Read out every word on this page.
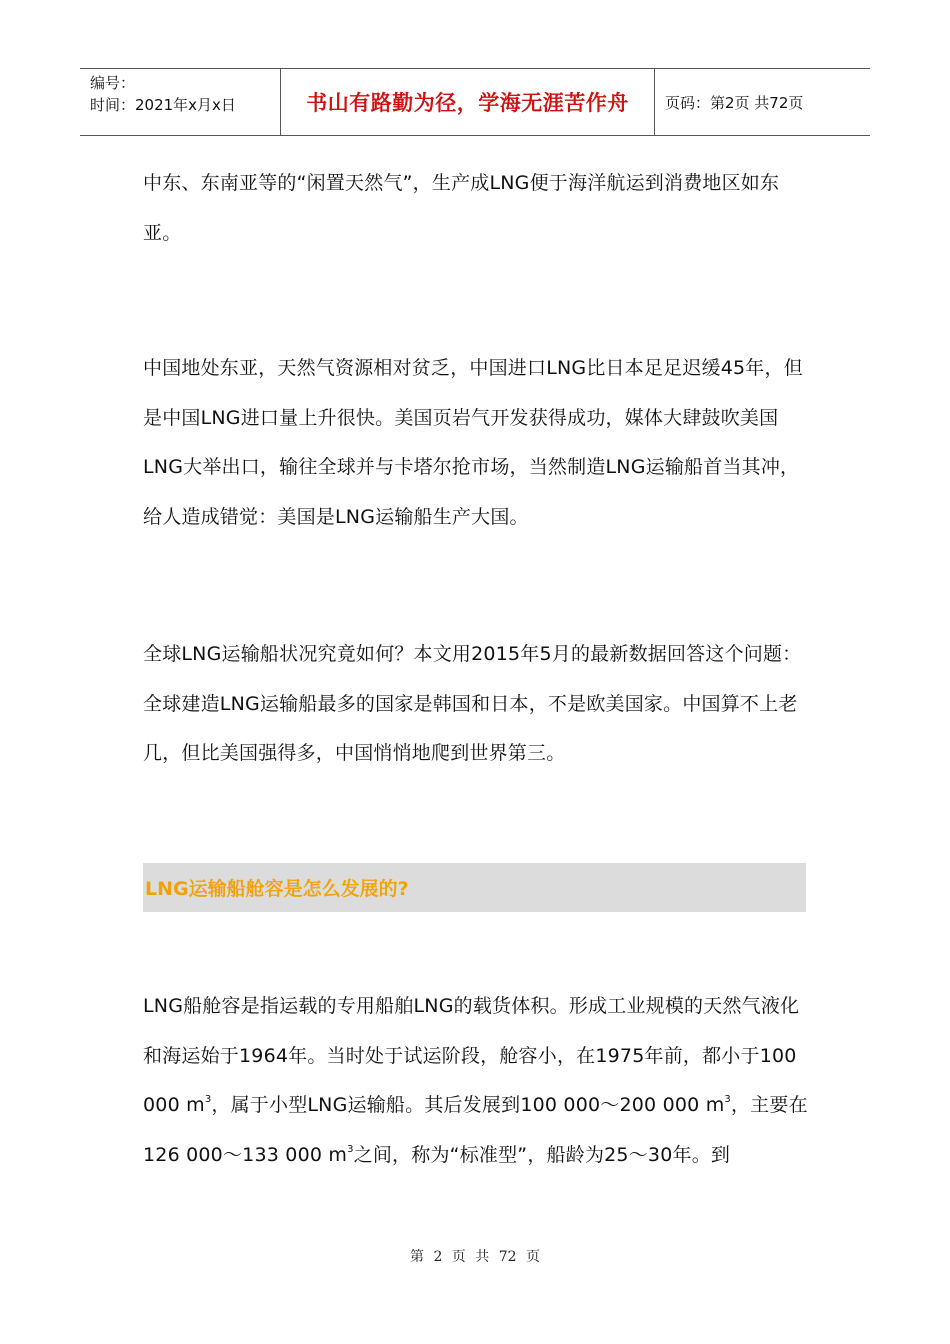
编号：
时间：2021年x月x日	书山有路勤为径，学海无涯苦作舟 页码：第2页 共72页

中东、东南亚等的“闲置天然气”，生产成LNG便于海洋航运到消费地区如东亚。

中国地处东亚，天然气资源相对贫乏，中国进口LNG比日本足足迟缓45年，但是中国LNG进口量上升很快。美国页岩气开发获得成功，媒体大肆鼓吹美国LNG大举出口，输往全球并与卡塔尔抢市场，当然制造LNG运输船首当其冲，给人造成错觉：美国是LNG运输船生产大国。

全球LNG运输船状况究竟如何？本文用2015年5月的最新数据回答这个问题：全球建造LNG运输船最多的国家是韩国和日本，不是欧美国家。中国算不上老几，但比美国强得多，中国悄悄地爬到世界第三。

LNG运输船舱容是怎么发展的?

LNG船舱容是指运载的专用船舶LNG的载货体积。形成工业规模的天然气液化和海运始于1964年。当时处于试运阶段，舱容小，在1975年前，都小于100 000 $m^3$，属于小型LNG运输船。其后发展到100 000～200 000 $m^3$，主要在126 000～133 000 $m^3$之间，称为“标准型”，船龄为25～30年。到

第 2 页 共 72 页
